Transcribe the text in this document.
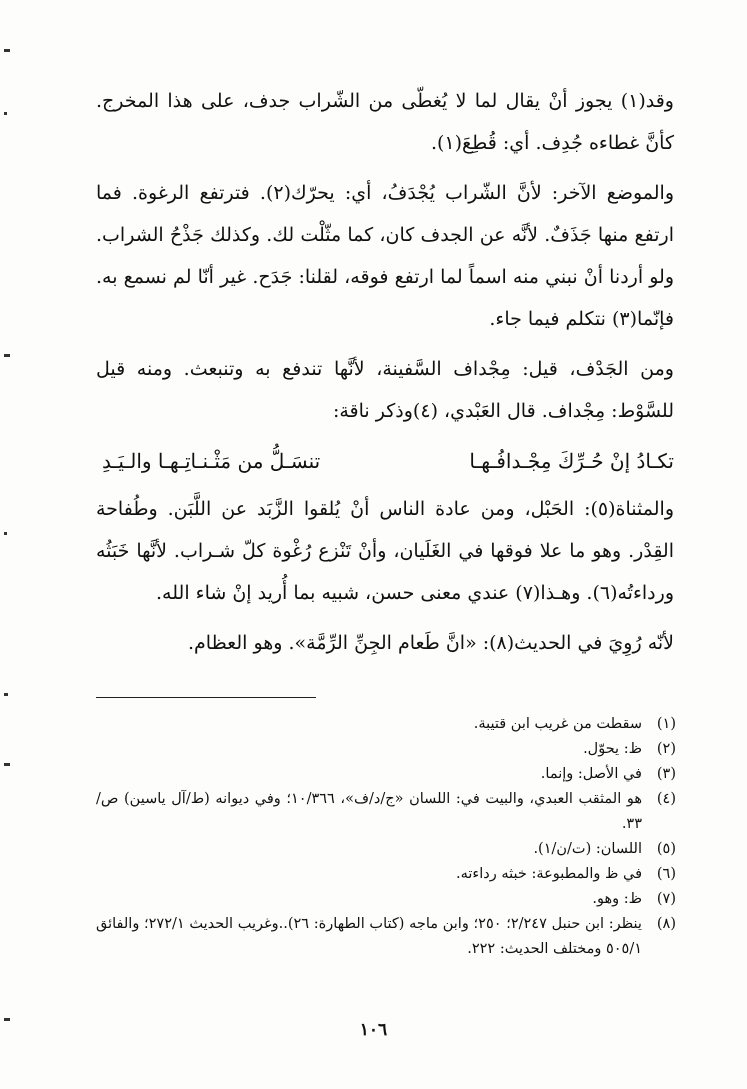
وقد(١) يجوز أنْ يقال لما لا يُغطّى من الشّراب جدف، على هذا المخرج. كأنَّ غطاءه جُدِف. أي: قُطِعَ(١).

والموضع الآخر: لأنَّ الشّراب يُجْدَفُ، أي: يحرّك(٢). فترتفع الرغوة. فما ارتفع منها جَذَفٌ. لأنَّه عن الجدف كان، كما مثّلْت لك. وكذلك جَذْحُ الشراب. ولو أردنا أنْ نبني منه اسماً لما ارتفع فوقه، لقلنا: جَدَح. غير أنّا لم نسمع به. فإنّما(٣) نتكلم فيما جاء.

ومن الجَدْف، قيل: مِجْداف السَّفينة، لأنَّها تندفع به وتنبعث. ومنه قيل للسَّوْط: مِجْداف. قال العَبْدي، (٤)وذكر ناقة:

تكـادُ إنْ حُـرِّكَ مِجْـدافُـهـا
تنسَـلُّ من مَثْـنـاتِـهـا والـيَـدِ

والمثناة(٥): الحَبْل، ومن عادة الناس أنْ يُلقوا الزَّبَد عن اللَّبَن. وطُفاحة القِدْر. وهو ما علا فوقها في الغَلَيان، وأنْ تَنْزع رُغْوة كلّ شـراب. لأنَّها خَبَثُه ورداءتُه(٦). وهـذا(٧) عندي معنى حسن، شبيه بما أُريد إنْ شاء الله.

لأنّه رُوِيَ في الحديث(٨): «انَّ طَعام الجِنِّ الرِّمَّة». وهو العظام.

(١)
سقطت من غريب ابن قتيبة.
(٢)
ظ: يحوّل.
(٣)
في الأصل: وإنما.
(٤)
هو المثقب العبدي، والبيت في: اللسان «ج/د/ف»، ١٠/٣٦٦؛ وفي ديوانه (ط/آل ياسين) ص/ ٣٣.
(٥)
اللسان: (ت/ن/١).
(٦)
في ظ والمطبوعة: خبثه رداءته.
(٧)
ظ: وهو.
(٨)
ينظر: ابن حنبل ٢/٢٤٧؛ ٢٥٠؛ وابن ماجه (كتاب الطهارة: ٢٦)..وغريب الحديث ٢٧٢/١؛ والفائق ٥٠٥/١ ومختلف الحديث: ٢٢٢.
١٠٦
